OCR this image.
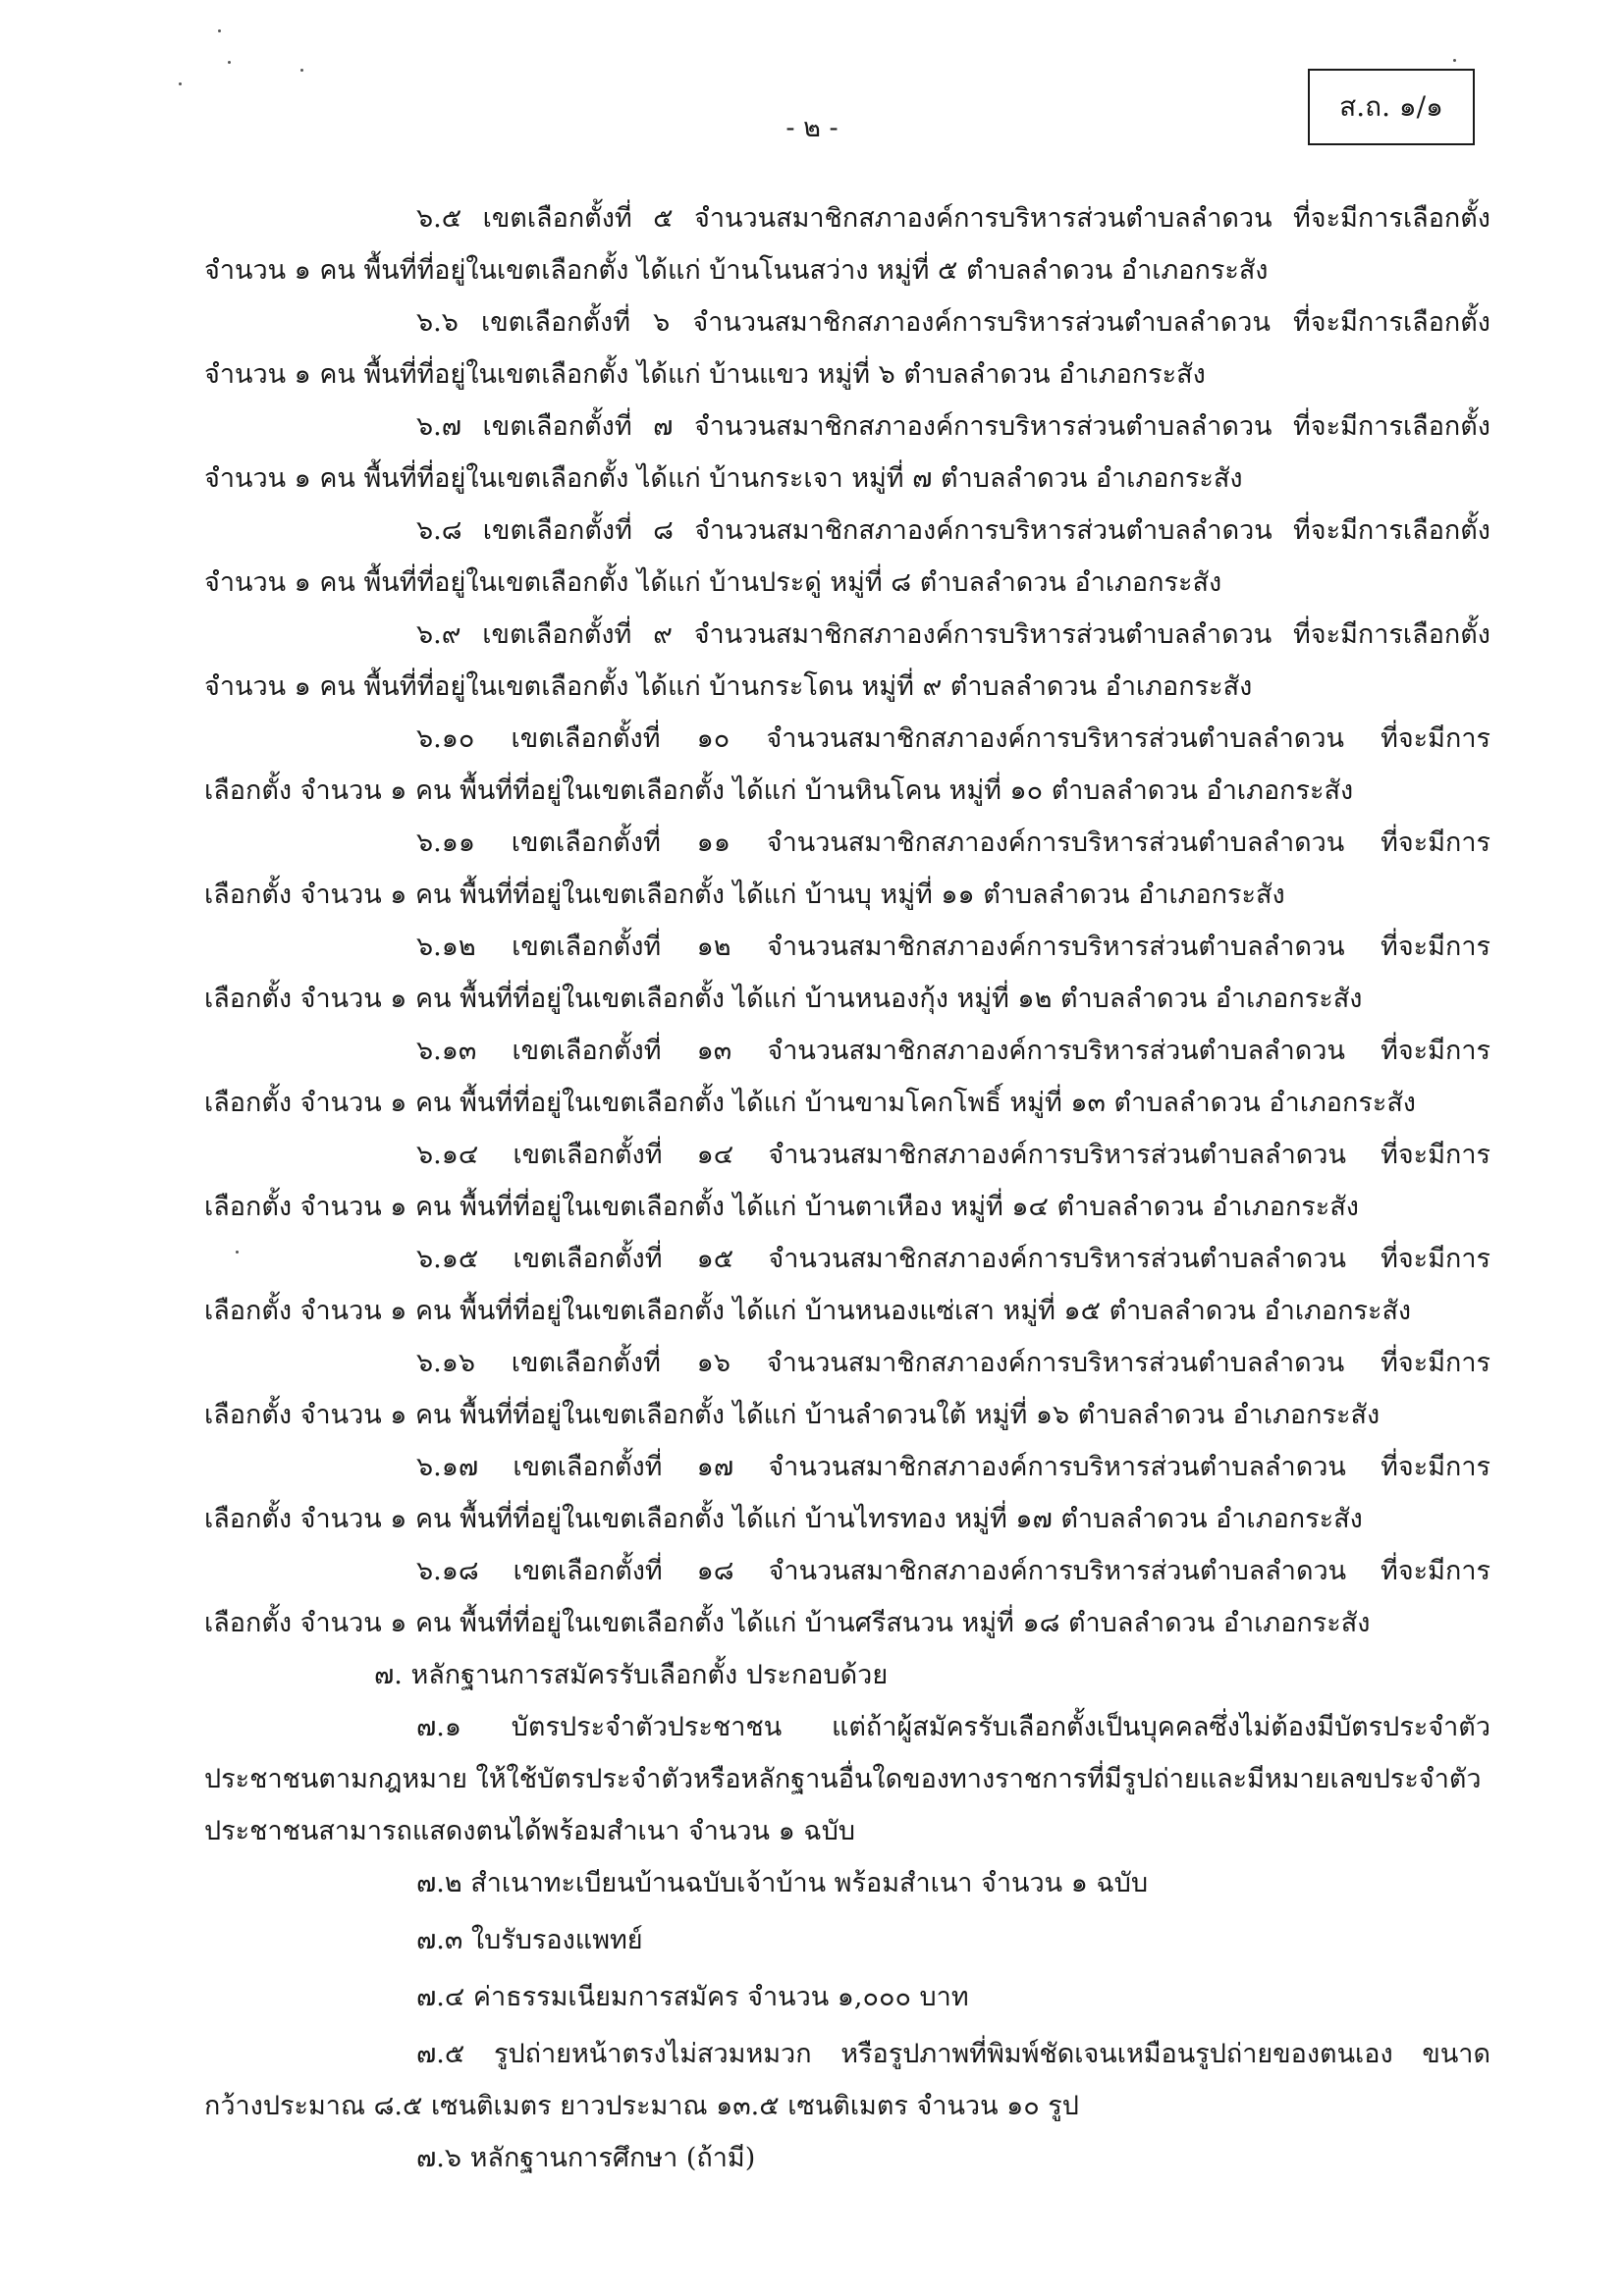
- ๒ -
ส.ถ. ๑/๑
๖.๕ เขตเลือกตั้งที่ ๕ จำนวนสมาชิกสภาองค์การบริหารส่วนตำบลลำดวน ที่จะมีการเลือกตั้ง
จำนวน ๑ คน พื้นที่ที่อยู่ในเขตเลือกตั้ง ได้แก่ บ้านโนนสว่าง หมู่ที่ ๕ ตำบลลำดวน อำเภอกระสัง
๖.๖ เขตเลือกตั้งที่ ๖ จำนวนสมาชิกสภาองค์การบริหารส่วนตำบลลำดวน ที่จะมีการเลือกตั้ง
จำนวน ๑ คน พื้นที่ที่อยู่ในเขตเลือกตั้ง ได้แก่ บ้านแขว หมู่ที่ ๖ ตำบลลำดวน อำเภอกระสัง
๖.๗ เขตเลือกตั้งที่ ๗ จำนวนสมาชิกสภาองค์การบริหารส่วนตำบลลำดวน ที่จะมีการเลือกตั้ง
จำนวน ๑ คน พื้นที่ที่อยู่ในเขตเลือกตั้ง ได้แก่ บ้านกระเจา หมู่ที่ ๗ ตำบลลำดวน อำเภอกระสัง
๖.๘ เขตเลือกตั้งที่ ๘ จำนวนสมาชิกสภาองค์การบริหารส่วนตำบลลำดวน ที่จะมีการเลือกตั้ง
จำนวน ๑ คน พื้นที่ที่อยู่ในเขตเลือกตั้ง ได้แก่ บ้านประดู่ หมู่ที่ ๘ ตำบลลำดวน อำเภอกระสัง
๖.๙ เขตเลือกตั้งที่ ๙ จำนวนสมาชิกสภาองค์การบริหารส่วนตำบลลำดวน ที่จะมีการเลือกตั้ง
จำนวน ๑ คน พื้นที่ที่อยู่ในเขตเลือกตั้ง ได้แก่ บ้านกระโดน หมู่ที่ ๙ ตำบลลำดวน อำเภอกระสัง
๖.๑๐ เขตเลือกตั้งที่ ๑๐ จำนวนสมาชิกสภาองค์การบริหารส่วนตำบลลำดวน ที่จะมีการ
เลือกตั้ง จำนวน ๑ คน พื้นที่ที่อยู่ในเขตเลือกตั้ง ได้แก่ บ้านหินโคน หมู่ที่ ๑๐ ตำบลลำดวน อำเภอกระสัง
๖.๑๑ เขตเลือกตั้งที่ ๑๑ จำนวนสมาชิกสภาองค์การบริหารส่วนตำบลลำดวน ที่จะมีการ
เลือกตั้ง จำนวน ๑ คน พื้นที่ที่อยู่ในเขตเลือกตั้ง ได้แก่ บ้านบุ หมู่ที่ ๑๑ ตำบลลำดวน อำเภอกระสัง
๖.๑๒ เขตเลือกตั้งที่ ๑๒ จำนวนสมาชิกสภาองค์การบริหารส่วนตำบลลำดวน ที่จะมีการ
เลือกตั้ง จำนวน ๑ คน พื้นที่ที่อยู่ในเขตเลือกตั้ง ได้แก่ บ้านหนองกุ้ง หมู่ที่ ๑๒ ตำบลลำดวน อำเภอกระสัง
๖.๑๓ เขตเลือกตั้งที่ ๑๓ จำนวนสมาชิกสภาองค์การบริหารส่วนตำบลลำดวน ที่จะมีการ
เลือกตั้ง จำนวน ๑ คน พื้นที่ที่อยู่ในเขตเลือกตั้ง ได้แก่ บ้านขามโคกโพธิ์ หมู่ที่ ๑๓ ตำบลลำดวน อำเภอกระสัง
๖.๑๔ เขตเลือกตั้งที่ ๑๔ จำนวนสมาชิกสภาองค์การบริหารส่วนตำบลลำดวน ที่จะมีการ
เลือกตั้ง จำนวน ๑ คน พื้นที่ที่อยู่ในเขตเลือกตั้ง ได้แก่ บ้านตาเหือง หมู่ที่ ๑๔ ตำบลลำดวน อำเภอกระสัง
๖.๑๕ เขตเลือกตั้งที่ ๑๕ จำนวนสมาชิกสภาองค์การบริหารส่วนตำบลลำดวน ที่จะมีการ
เลือกตั้ง จำนวน ๑ คน พื้นที่ที่อยู่ในเขตเลือกตั้ง ได้แก่ บ้านหนองแซ่เสา หมู่ที่ ๑๕ ตำบลลำดวน อำเภอกระสัง
๖.๑๖ เขตเลือกตั้งที่ ๑๖ จำนวนสมาชิกสภาองค์การบริหารส่วนตำบลลำดวน ที่จะมีการ
เลือกตั้ง จำนวน ๑ คน พื้นที่ที่อยู่ในเขตเลือกตั้ง ได้แก่ บ้านลำดวนใต้ หมู่ที่ ๑๖ ตำบลลำดวน อำเภอกระสัง
๖.๑๗ เขตเลือกตั้งที่ ๑๗ จำนวนสมาชิกสภาองค์การบริหารส่วนตำบลลำดวน ที่จะมีการ
เลือกตั้ง จำนวน ๑ คน พื้นที่ที่อยู่ในเขตเลือกตั้ง ได้แก่ บ้านไทรทอง หมู่ที่ ๑๗ ตำบลลำดวน อำเภอกระสัง
๖.๑๘ เขตเลือกตั้งที่ ๑๘ จำนวนสมาชิกสภาองค์การบริหารส่วนตำบลลำดวน ที่จะมีการ
เลือกตั้ง จำนวน ๑ คน พื้นที่ที่อยู่ในเขตเลือกตั้ง ได้แก่ บ้านศรีสนวน หมู่ที่ ๑๘ ตำบลลำดวน อำเภอกระสัง
๗. หลักฐานการสมัครรับเลือกตั้ง ประกอบด้วย
๗.๑ บัตรประจำตัวประชาชน แต่ถ้าผู้สมัครรับเลือกตั้งเป็นบุคคลซึ่งไม่ต้องมีบัตรประจำตัว
ประชาชนตามกฎหมาย ให้ใช้บัตรประจำตัวหรือหลักฐานอื่นใดของทางราชการที่มีรูปถ่ายและมีหมายเลขประจำตัว
ประชาชนสามารถแสดงตนได้พร้อมสำเนา จำนวน ๑ ฉบับ
๗.๒ สำเนาทะเบียนบ้านฉบับเจ้าบ้าน พร้อมสำเนา จำนวน ๑ ฉบับ
๗.๓ ใบรับรองแพทย์
๗.๔ ค่าธรรมเนียมการสมัคร จำนวน ๑,๐๐๐ บาท
๗.๕ รูปถ่ายหน้าตรงไม่สวมหมวก หรือรูปภาพที่พิมพ์ชัดเจนเหมือนรูปถ่ายของตนเอง ขนาด
กว้างประมาณ ๘.๕ เซนติเมตร ยาวประมาณ ๑๓.๕ เซนติเมตร จำนวน ๑๐ รูป
๗.๖ หลักฐานการศึกษา (ถ้ามี)
